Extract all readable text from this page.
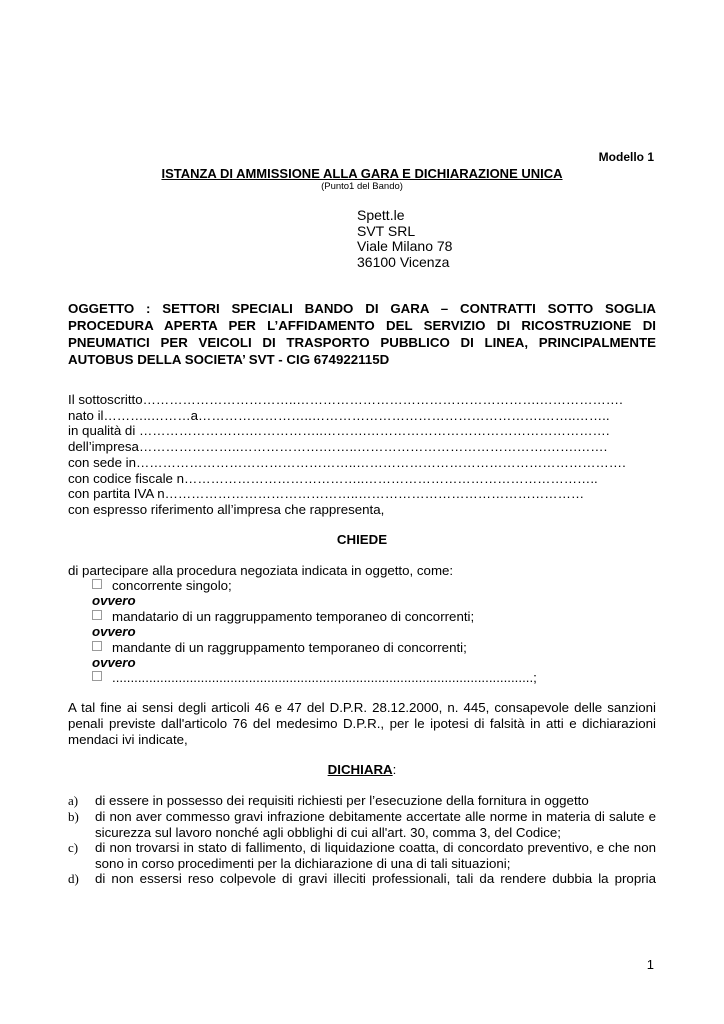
Modello 1
ISTANZA DI AMMISSIONE ALLA GARA E DICHIARAZIONE UNICA
(Punto1 del Bando)
Spett.le
SVT SRL
Viale Milano 78
36100 Vicenza
OGGETTO : SETTORI SPECIALI BANDO DI GARA – CONTRATTI SOTTO SOGLIA PROCEDURA APERTA PER L’AFFIDAMENTO DEL SERVIZIO DI RICOSTRUZIONE DI PNEUMATICI PER VEICOLI DI TRASPORTO PUBBLICO DI LINEA, PRINCIPALMENTE AUTOBUS DELLA SOCIETA’ SVT - CIG 674922115D
Il sottoscritto……………………………..……………………………………………….……………….
nato il………..………a……………………..…………………………………………….……..……..
in qualità di …………………….……………..……….……………………………………………….
dell’impresa…………………..……………….……..…………………………………….…….…….
con sede in…………………………………………..…………………………………………………….
con codice fiscale n…………………………………..……………………………………………..
con partita IVA n……………………………………..……………………………………………
con espresso riferimento all’impresa che rappresenta,
CHIEDE
di partecipare alla procedura negoziata indicata in oggetto, come:
concorrente singolo;
ovvero
mandatario di un raggruppamento temporaneo di concorrenti;
ovvero
mandante di un raggruppamento temporaneo di concorrenti;
ovvero
..................................................................................................................;
A tal fine ai sensi degli articoli 46 e 47 del D.P.R. 28.12.2000, n. 445, consapevole delle sanzioni penali previste dall'articolo 76 del medesimo D.P.R., per le ipotesi di falsità in atti e dichiarazioni mendaci ivi indicate,
DICHIARA:
a) di essere in possesso dei requisiti richiesti per l’esecuzione della fornitura in oggetto
b) di non aver commesso gravi infrazione debitamente accertate alle norme in materia di salute e sicurezza sul lavoro nonché agli obblighi di cui all'art. 30, comma 3, del Codice;
c) di non trovarsi in stato di fallimento, di liquidazione coatta, di concordato preventivo, e che non sono in corso procedimenti per la dichiarazione di una di tali situazioni;
d) di non essersi reso colpevole di gravi illeciti professionali, tali da rendere dubbia la propria
1
